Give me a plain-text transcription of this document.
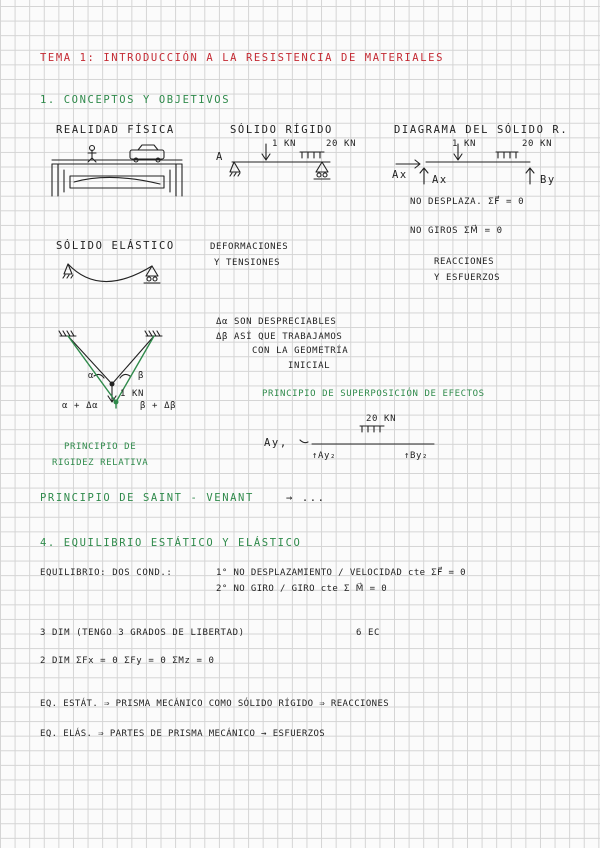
TEMA 1: INTRODUCCIÓN A LA RESISTENCIA DE MATERIALES
1. CONCEPTOS Y OBJETIVOS
REALIDAD FÍSICA	SÓLIDO RÍGIDO
1 KN	20 KN
A
DIAGRAMA DEL SÓLIDO R.
1 KN	20 KN
Ax Ax	By
NO DESPLAZA. ΣF⃗ = 0
NO GIROS ΣM⃗ = 0
REACCIONES
Y ESFUERZOS
SÓLIDO ELÁSTICO	DEFORMACIONES
Y TENSIONES
Δα SON DESPRECIABLES
Δβ ASÍ QUE TRABAJAMOS
CON LA GEOMETRÍA
INICIAL
α	β
1 KN
α + Δα	β + Δβ
PRINCIPIO DE SUPERPOSICIÓN DE EFECTOS
20 KN
Ay,
↑Ay₂	↑By₂
PRINCIPIO DE
RIGIDEZ RELATIVA
PRINCIPIO DE SAINT - VENANT	→ ...
4. EQUILIBRIO ESTÁTICO Y ELÁSTICO
EQUILIBRIO: DOS COND.:	1° NO DESPLAZAMIENTO / VELOCIDAD cte ΣF⃗ = 0
2° NO GIRO / GIRO cte Σ M⃗ = 0
3 DIM (TENGO 3 GRADOS DE LIBERTAD)	6 EC
2 DIM ΣFx = 0 ΣFy = 0 ΣMz = 0
EQ. ESTÁT. ⇒ PRISMA MECÁNICO COMO SÓLIDO RÍGIDO ⇒ REACCIONES
EQ. ELÁS. ⇒ PARTES DE PRISMA MECÁNICO → ESFUERZOS
